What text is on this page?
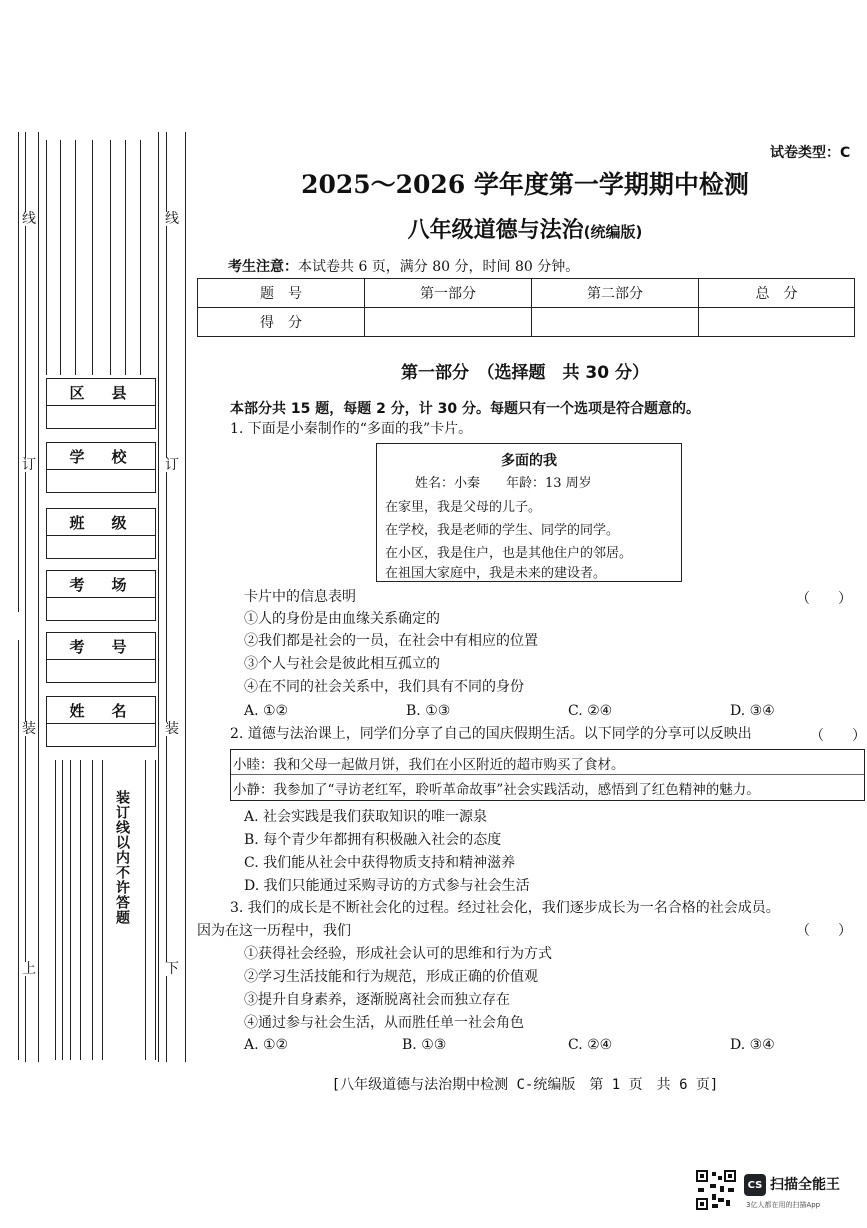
线
订
装
上
线
订
装
下
区　县
学　校
班　级
考　场
考　号
姓　名
装订线以内不许答题
试卷类型：C
2025～2026 学年度第一学期期中检测
八年级道德与法治(统编版)
考生注意：本试卷共 6 页，满分 80 分，时间 80 分钟。
题　号	第一部分	第二部分	总　分
得　分			
第一部分　（选择题　共 30 分）
本部分共 15 题，每题 2 分，计 30 分。每题只有一个选项是符合题意的。
1. 下面是小秦制作的“多面的我”卡片。
多面的我
姓名：小秦　　年龄：13 周岁
在家里，我是父母的儿子。
在学校，我是老师的学生、同学的同学。
在小区，我是住户，也是其他住户的邻居。
在祖国大家庭中，我是未来的建设者。
卡片中的信息表明	（　　）
①人的身份是由血缘关系确定的
②我们都是社会的一员，在社会中有相应的位置
③个人与社会是彼此相互孤立的
④在不同的社会关系中，我们具有不同的身份
A. ①②	B. ①③	C. ②④	D. ③④
2. 道德与法治课上，同学们分享了自己的国庆假期生活。以下同学的分享可以反映出	（　　）
小睦：我和父母一起做月饼，我们在小区附近的超市购买了食材。
小静：我参加了“寻访老红军，聆听革命故事”社会实践活动，感悟到了红色精神的魅力。
A. 社会实践是我们获取知识的唯一源泉
B. 每个青少年都拥有积极融入社会的态度
C. 我们能从社会中获得物质支持和精神滋养
D. 我们只能通过采购寻访的方式参与社会生活
3. 我们的成长是不断社会化的过程。经过社会化，我们逐步成长为一名合格的社会成员。
因为在这一历程中，我们	（　　）
①获得社会经验，形成社会认可的思维和行为方式
②学习生活技能和行为规范，形成正确的价值观
③提升自身素养，逐渐脱离社会而独立存在
④通过参与社会生活，从而胜任单一社会角色
A. ①②	B. ①③	C. ②④	D. ③④
[八年级道德与法治期中检测 C-统编版　第 1 页　共 6 页]
CS 扫描全能王
3亿人都在用的扫描App
